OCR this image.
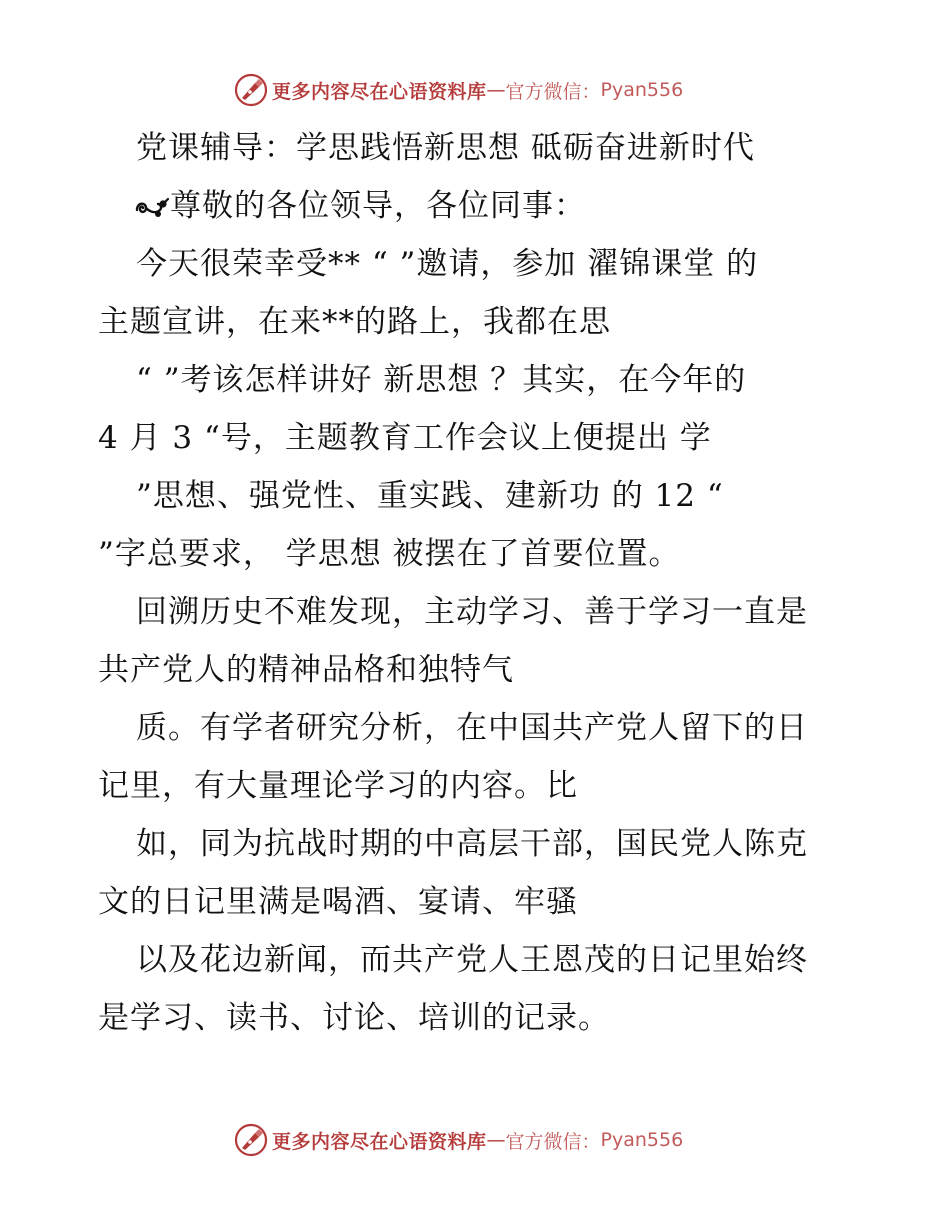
更多内容尽在心语资料库 — 官方微信： Pyan556
党课辅导：学思践悟新思想 砥砺奋进新时代
尊敬的各位领导，各位同事：
今天很荣幸受** “ ”邀请，参加 濯锦课堂 的
主题宣讲，在来**的路上，我都在思
“ ”考该怎样讲好 新思想 ？其实，在今年的
4 月 3 “号，主题教育工作会议上便提出 学
”思想、强党性、重实践、建新功 的 12 “
”字总要求， 学思想 被摆在了首要位置。
回溯历史不难发现，主动学习、善于学习一直是
共产党人的精神品格和独特气
质。有学者研究分析，在中国共产党人留下的日
记里，有大量理论学习的内容。比
如，同为抗战时期的中高层干部，国民党人陈克
文的日记里满是喝酒、宴请、牢骚
以及花边新闻，而共产党人王恩茂的日记里始终
是学习、读书、讨论、培训的记录。
更多内容尽在心语资料库 — 官方微信： Pyan556
